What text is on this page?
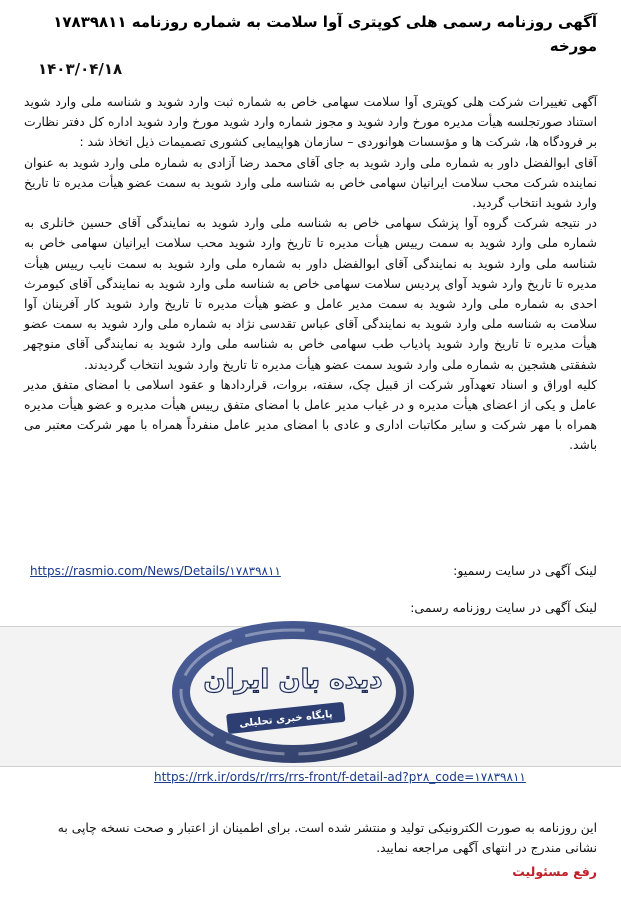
آگهی روزنامه رسمی هلی کوپتری آوا سلامت به شماره روزنامه ۱۷۸۳۹۸۱۱ مورخه

۱۴۰۳/۰۴/۱۸

آگهی تغییرات شرکت هلی کوپتری آوا سلامت سهامی خاص به شماره ثبت وارد شوید و شناسه ملی وارد شوید استناد صورتجلسه هیأت مدیره مورخ وارد شوید و مجوز شماره وارد شوید مورخ وارد شوید اداره کل دفتر نظارت بر فرودگاه ها، شرکت ها و مؤسسات هوانوردی – سازمان هواپیمایی کشوری تصمیمات ذیل اتخاذ شد :

آقای ابوالفضل داور به شماره ملی وارد شوید به جای آقای محمد رضا آزادی به شماره ملی وارد شوید به عنوان نماینده شرکت محب سلامت ایرانیان سهامی خاص به شناسه ملی وارد شوید به سمت عضو هیأت مدیره تا تاریخ وارد شوید انتخاب گردید.

در نتیجه شرکت گروه آوا پزشک سهامی خاص به شناسه ملی وارد شوید به نمایندگی آقای حسین خانلری به شماره ملی وارد شوید به سمت رییس هیأت مدیره تا تاریخ وارد شوید محب سلامت ایرانیان سهامی خاص به شناسه ملی وارد شوید به نمایندگی آقای ابوالفضل داور به شماره ملی وارد شوید به سمت نایب رییس هیأت مدیره تا تاریخ وارد شوید آوای پردیس سلامت سهامی خاص به شناسه ملی وارد شوید به نمایندگی آقای کیومرث احدی به شماره ملی وارد شوید به سمت مدیر عامل و عضو هیأت مدیره تا تاریخ وارد شوید کار آفرینان آوا سلامت به شناسه ملی وارد شوید به نمایندگی آقای عباس تقدسی نژاد به شماره ملی وارد شوید به سمت عضو هیأت مدیره تا تاریخ وارد شوید پادیاب طب سهامی خاص به شناسه ملی وارد شوید به نمایندگی آقای منوچهر شفقتی هشجین به شماره ملی وارد شوید سمت عضو هیأت مدیره تا تاریخ وارد شوید انتخاب گردیدند.

کلیه اوراق و اسناد تعهدآور شرکت از قبیل چک، سفته، بروات، قراردادها و عقود اسلامی با امضای متفق مدیر عامل و یکی از اعضای هیأت مدیره و در غیاب مدیر عامل با امضای متفق رییس هیأت مدیره و عضو هیأت مدیره همراه با مهر شرکت و سایر مکاتبات اداری و عادی با امضای مدیر عامل منفرداً همراه با مهر شرکت معتبر می باشد.

لینک آگهی در سایت رسمیو:
https://rasmio.com/News/Details/۱۷۸۳۹۸۱۱
لینک آگهی در سایت روزنامه رسمی:
دیده بان ایران
پایگاه خبری تحلیلی
https://rrk.ir/ords/r/rrs/rrs-front/f-detail-ad?p۲۸_code=۱۷۸۳۹۸۱۱
این روزنامه به صورت الکترونیکی تولید و منتشر شده است. برای اطمینان از اعتبار و صحت نسخه چاپی به نشانی مندرج در انتهای آگهی مراجعه نمایید.
رفع مسئولیت
